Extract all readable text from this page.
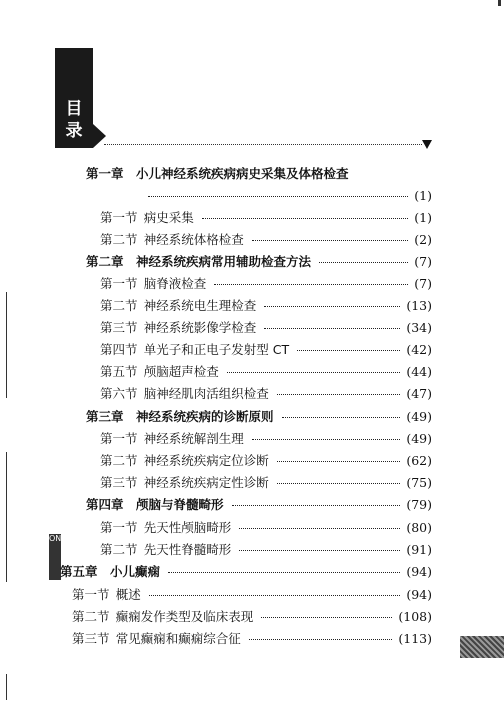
目
录
ONCO
第一章  小儿神经系统疾病病史采集及体格检查
(1)
第一节  病史采集	(1)
第二节  神经系统体格检查	(2)
第二章  神经系统疾病常用辅助检查方法	(7)
第一节  脑脊液检查	(7)
第二节  神经系统电生理检查	(13)
第三节  神经系统影像学检查	(34)
第四节  单光子和正电子发射型 CT	(42)
第五节  颅脑超声检查	(44)
第六节  脑神经肌肉活组织检查	(47)
第三章  神经系统疾病的诊断原则	(49)
第一节  神经系统解剖生理	(49)
第二节  神经系统疾病定位诊断	(62)
第三节  神经系统疾病定性诊断	(75)
第四章  颅脑与脊髓畸形	(79)
第一节  先天性颅脑畸形	(80)
第二节  先天性脊髓畸形	(91)
第五章  小儿癫痫	(94)
第一节  概述	(94)
第二节  癫痫发作类型及临床表现	(108)
第三节  常见癫痫和癫痫综合征	(113)
